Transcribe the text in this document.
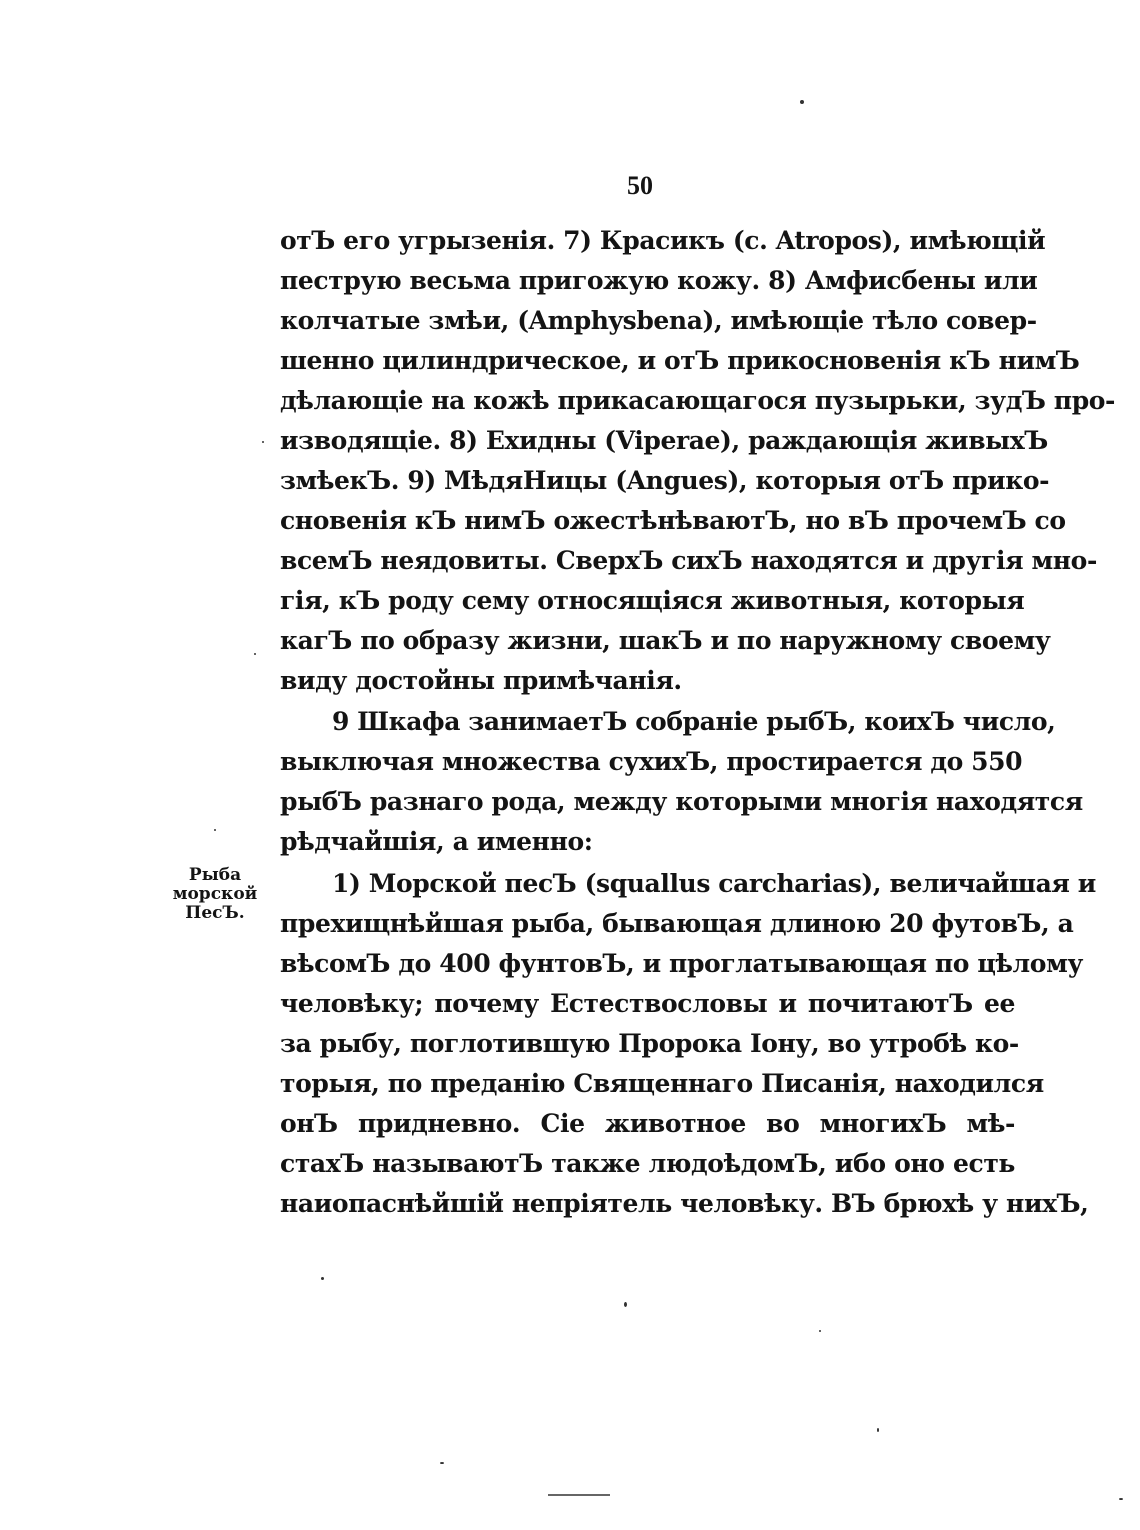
50
Рыба
морской
ПесЪ.
отЪ его угрызенія. 7) Красикъ (с. Atropos), имѣющій
пеструю весьма пригожую кожу. 8) Амфисбены или
колчатые змѣи, (Amphysbena), имѣющіе тѣло совер-
шенно цилиндрическое, и отЪ прикосновенія кЪ нимЪ
дѣлающіе на кожѣ прикасающагося пузырьки, зудЪ про-
изводящіе. 8) Ехидны (Viperae), раждающія живыхЪ
змѣекЪ. 9) МѣдяНицы (Angues), которыя отЪ прико-
сновенія кЪ нимЪ ожестѣнѣваютЪ, но вЪ прочемЪ со
всемЪ неядовиты. СверхЪ сихЪ находятся и другія мно-
гія, кЪ роду сему относящіяся животныя, которыя
кагЪ по образу жизни, шакЪ и по наружному своему
виду достойны примѣчанія.
9 Шкафа занимаетЪ собраніе рыбЪ, коихЪ число,
выключая множества сухихЪ, простирается до 550
рыбЪ разнаго рода, между которыми многія находятся
рѣдчайшія, а именно:
1) Морской песЪ (squallus carcharias), величайшая и
прехищнѣйшая рыба, бывающая длиною 20 футовЪ, а
вѣсомЪ до 400 фунтовЪ, и проглатывающая по цѣлому
человѣку; почему Естествословы и почитаютЪ ее
за рыбу, поглотившую Пророка Іону, во утробѣ ко-
торыя, по преданію Священнаго Писанія, находился
онЪ придневно. Сіе животное во многихЪ мѣ-
стахЪ называютЪ также людоѣдомЪ, ибо оно есть
наиопаснѣйшій непріятель человѣку. ВЪ брюхѣ у нихЪ,
